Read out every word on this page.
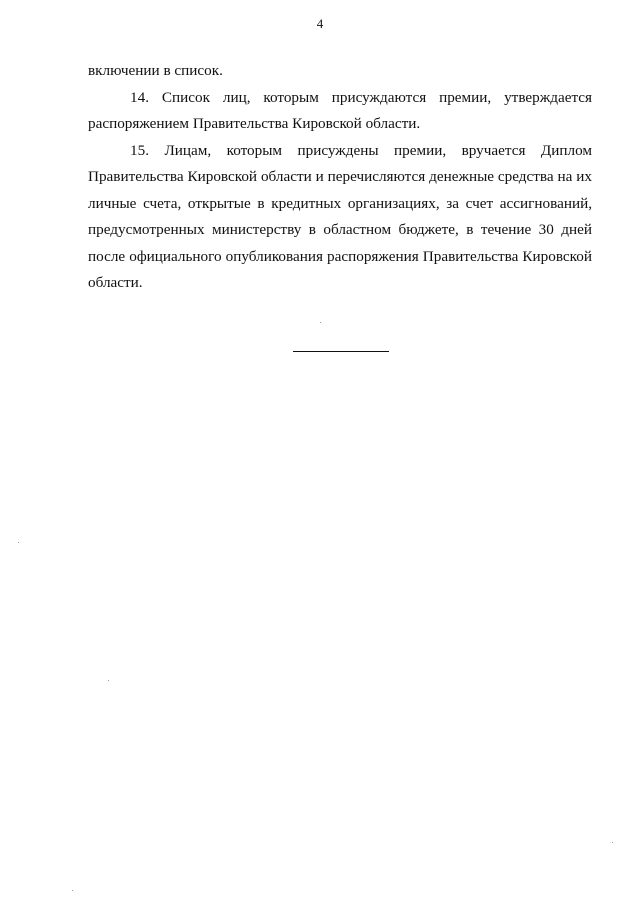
4

включении в список.

14. Список лиц, которым присуждаются премии, утверждается распоряжением Правительства Кировской области.

15. Лицам, которым присуждены премии, вручается Диплом Правительства Кировской области и перечисляются денежные средства на их личные счета, открытые в кредитных организациях, за счет ассигнований, предусмотренных министерству в областном бюджете, в течение 30 дней после официального опубликования распоряжения Правительства Кировской области.
